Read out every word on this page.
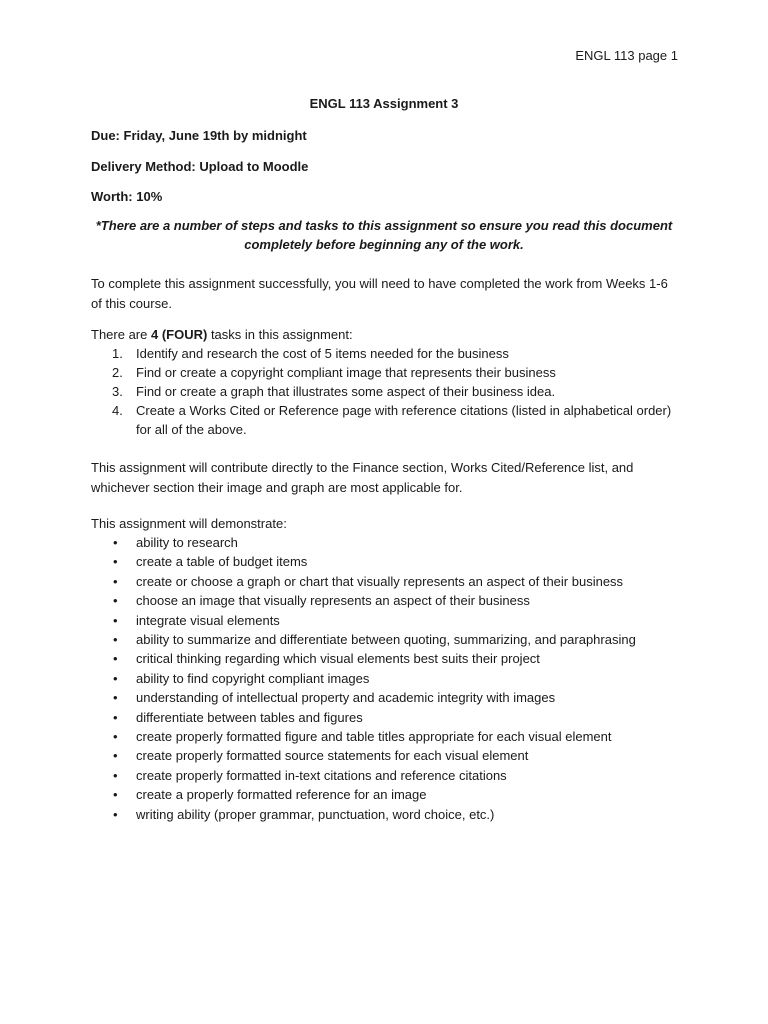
ENGL 113 page 1
ENGL 113 Assignment 3
Due: Friday, June 19th by midnight
Delivery Method: Upload to Moodle
Worth: 10%
*There are a number of steps and tasks to this assignment so ensure you read this document completely before beginning any of the work.
To complete this assignment successfully, you will need to have completed the work from Weeks 1-6 of this course.
There are 4 (FOUR) tasks in this assignment:
1. Identify and research the cost of 5 items needed for the business
2. Find or create a copyright compliant image that represents their business
3. Find or create a graph that illustrates some aspect of their business idea.
4. Create a Works Cited or Reference page with reference citations (listed in alphabetical order) for all of the above.
This assignment will contribute directly to the Finance section, Works Cited/Reference list, and whichever section their image and graph are most applicable for.
This assignment will demonstrate:
• ability to research
• create a table of budget items
• create or choose a graph or chart that visually represents an aspect of their business
• choose an image that visually represents an aspect of their business
• integrate visual elements
• ability to summarize and differentiate between quoting, summarizing, and paraphrasing
• critical thinking regarding which visual elements best suits their project
• ability to find copyright compliant images
• understanding of intellectual property and academic integrity with images
• differentiate between tables and figures
• create properly formatted figure and table titles appropriate for each visual element
• create properly formatted source statements for each visual element
• create properly formatted in-text citations and reference citations
• create a properly formatted reference for an image
• writing ability (proper grammar, punctuation, word choice, etc.)
